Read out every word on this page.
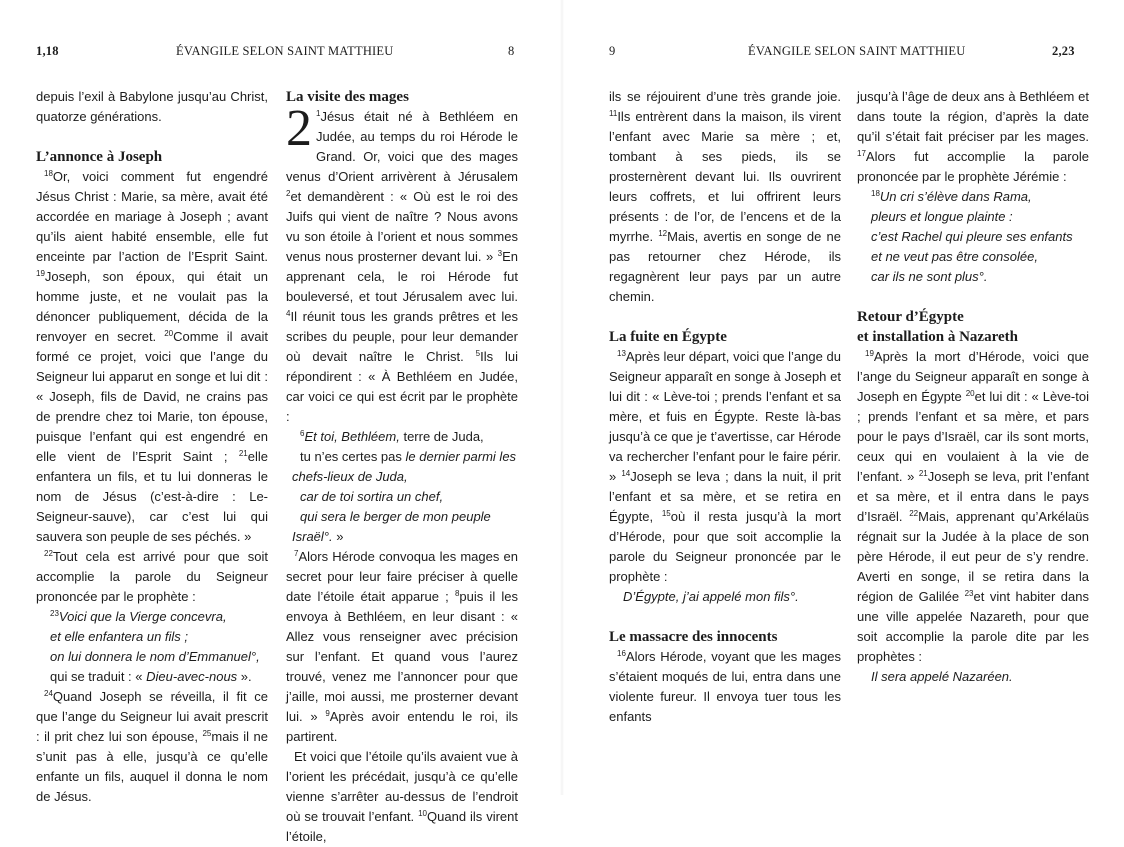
1,18	ÉVANGILE SELON SAINT MATTHIEU	8

depuis l’exil à Babylone jusqu’au Christ, quatorze générations.

L’annonce à Joseph

$^{18}$Or, voici comment fut engendré Jésus Christ : Marie, sa mère, avait été accordée en mariage à Joseph ; avant qu’ils aient habité ensemble, elle fut enceinte par l’action de l’Esprit Saint. $^{19}$Joseph, son époux, qui était un homme juste, et ne voulait pas la dénoncer publiquement, décida de la renvoyer en secret. $^{20}$Comme il avait formé ce projet, voici que l’ange du Seigneur lui apparut en songe et lui dit : « Joseph, fils de David, ne crains pas de prendre chez toi Marie, ton épouse, puisque l’enfant qui est engendré en elle vient de l’Esprit Saint ; $^{21}$elle enfantera un fils, et tu lui donneras le nom de Jésus (c’est-à-dire : Le-Seigneur-sauve), car c’est lui qui sauvera son peuple de ses péchés. »

$^{22}$Tout cela est arrivé pour que soit accomplie la parole du Seigneur prononcée par le prophète :

$^{23}$Voici que la Vierge concevra,

et elle enfantera un fils ;

on lui donnera le nom d’Emmanuel°,

qui se traduit : « Dieu-avec-nous ».

$^{24}$Quand Joseph se réveilla, il fit ce que l’ange du Seigneur lui avait prescrit : il prit chez lui son épouse, $^{25}$mais il ne s’unit pas à elle, jusqu’à ce qu’elle enfante un fils, auquel il donna le nom de Jésus.

La visite des mages

2 $^1$Jésus était né à Bethléem en Judée, au temps du roi Hérode le Grand. Or, voici que des mages venus d’Orient arrivèrent à Jérusalem $^2$et demandèrent : « Où est le roi des Juifs qui vient de naître ? Nous avons vu son étoile à l’orient et nous sommes venus nous prosterner devant lui. » $^3$En apprenant cela, le roi Hérode fut bouleversé, et tout Jérusalem avec lui. $^4$Il réunit tous les grands prêtres et les scribes du peuple, pour leur demander où devait naître le Christ. $^5$Ils lui répondirent : « À Bethléem en Judée, car voici ce qui est écrit par le prophète :

$^6$Et toi, Bethléem, terre de Juda,

tu n’es certes pas le dernier parmi les chefs-lieux de Juda,

car de toi sortira un chef,

qui sera le berger de mon peuple Israël°. »

$^7$Alors Hérode convoqua les mages en secret pour leur faire préciser à quelle date l’étoile était apparue ; $^8$puis il les envoya à Bethléem, en leur disant : « Allez vous renseigner avec précision sur l’enfant. Et quand vous l’aurez trouvé, venez me l’annoncer pour que j’aille, moi aussi, me prosterner devant lui. » $^9$Après avoir entendu le roi, ils partirent.

Et voici que l’étoile qu’ils avaient vue à l’orient les précédait, jusqu’à ce qu’elle vienne s’arrêter au-dessus de l’endroit où se trouvait l’enfant. $^{10}$Quand ils virent l’étoile,

9	ÉVANGILE SELON SAINT MATTHIEU	2,23

ils se réjouirent d’une très grande joie. $^{11}$Ils entrèrent dans la maison, ils virent l’enfant avec Marie sa mère ; et, tombant à ses pieds, ils se prosternèrent devant lui. Ils ouvrirent leurs coffrets, et lui offrirent leurs présents : de l’or, de l’encens et de la myrrhe. $^{12}$Mais, avertis en songe de ne pas retourner chez Hérode, ils regagnèrent leur pays par un autre chemin.

La fuite en Égypte

$^{13}$Après leur départ, voici que l’ange du Seigneur apparaît en songe à Joseph et lui dit : « Lève-toi ; prends l’enfant et sa mère, et fuis en Égypte. Reste là-bas jusqu’à ce que je t’avertisse, car Hérode va rechercher l’enfant pour le faire périr. » $^{14}$Joseph se leva ; dans la nuit, il prit l’enfant et sa mère, et se retira en Égypte, $^{15}$où il resta jusqu’à la mort d’Hérode, pour que soit accomplie la parole du Seigneur prononcée par le prophète :

D’Égypte, j’ai appelé mon fils°.

Le massacre des innocents

$^{16}$Alors Hérode, voyant que les mages s’étaient moqués de lui, entra dans une violente fureur. Il envoya tuer tous les enfants

jusqu’à l’âge de deux ans à Bethléem et dans toute la région, d’après la date qu’il s’était fait préciser par les mages. $^{17}$Alors fut accomplie la parole prononcée par le prophète Jérémie :

$^{18}$Un cri s’élève dans Rama,

pleurs et longue plainte :

c’est Rachel qui pleure ses enfants

et ne veut pas être consolée,

car ils ne sont plus°.

Retour d’Égypte
et installation à Nazareth

$^{19}$Après la mort d’Hérode, voici que l’ange du Seigneur apparaît en songe à Joseph en Égypte $^{20}$et lui dit : « Lève-toi ; prends l’enfant et sa mère, et pars pour le pays d’Israël, car ils sont morts, ceux qui en voulaient à la vie de l’enfant. » $^{21}$Joseph se leva, prit l’enfant et sa mère, et il entra dans le pays d’Israël. $^{22}$Mais, apprenant qu’Arkélaüs régnait sur la Judée à la place de son père Hérode, il eut peur de s’y rendre. Averti en songe, il se retira dans la région de Galilée $^{23}$et vint habiter dans une ville appelée Nazareth, pour que soit accomplie la parole dite par les prophètes :

Il sera appelé Nazaréen.
